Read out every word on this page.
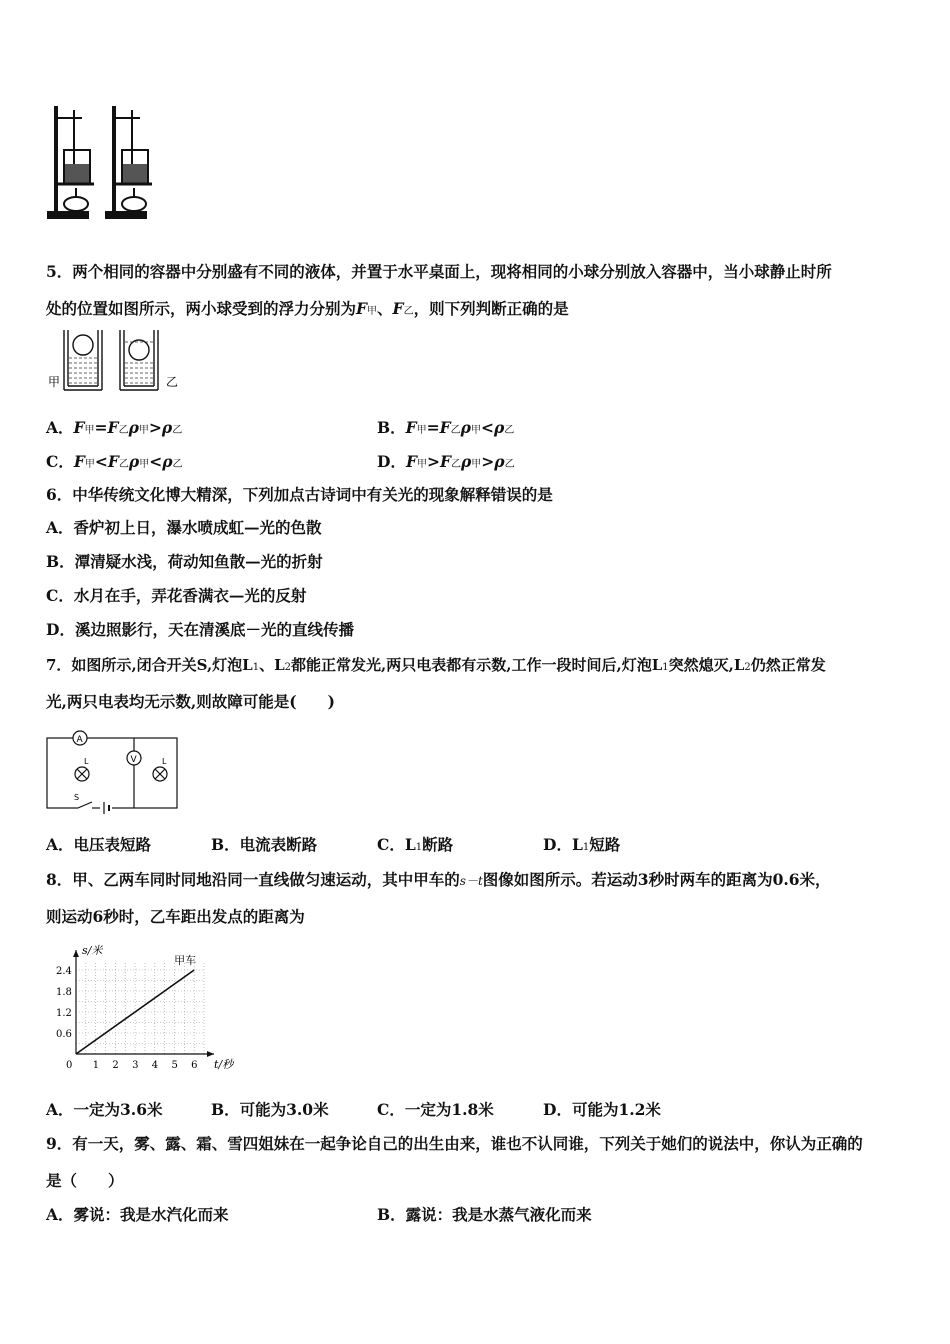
5．两个相同的容器中分别盛有不同的液体，并置于水平桌面上，现将相同的小球分别放入容器中，当小球静止时所
处的位置如图所示，两小球受到的浮力分别为F甲、F乙，则下列判断正确的是
甲	乙
A．F甲=F乙ρ甲>ρ乙	B．F甲=F乙ρ甲<ρ乙
C．F甲<F乙ρ甲<ρ乙	D．F甲>F乙ρ甲>ρ乙
6．中华传统文化博大精深，下列加点古诗词中有关光的现象解释错误的是
A．香炉初上日，瀑水喷成虹—光的色散
B．潭清疑水浅，荷动知鱼散—光的折射
C．水月在手，弄花香满衣—光的反射
D．溪边照影行，天在清溪底－光的直线传播
7．如图所示,闭合开关S,灯泡L1、L2都能正常发光,两只电表都有示数,工作一段时间后,灯泡L1突然熄灭,L2仍然正常发
光,两只电表均无示数,则故障可能是(　　)
A
V
L	L
S
A．电压表短路	B．电流表断路	C．L1断路	D．L1短路
8．甲、乙两车同时同地沿同一直线做匀速运动，其中甲车的s－t图像如图所示。若运动3秒时两车的距离为0.6米，
则运动6秒时，乙车距出发点的距离为
0 1 2 3 4 5 6
0.6
1.2
1.8
2.4
t/秒
s/米
甲车
A．一定为3.6米	B．可能为3.0米	C．一定为1.8米	D．可能为1.2米
9．有一天，雾、露、霜、雪四姐妹在一起争论自己的出生由来，谁也不认同谁，下列关于她们的说法中，你认为正确的
是（　　）
A．雾说：我是水汽化而来	B．露说：我是水蒸气液化而来
